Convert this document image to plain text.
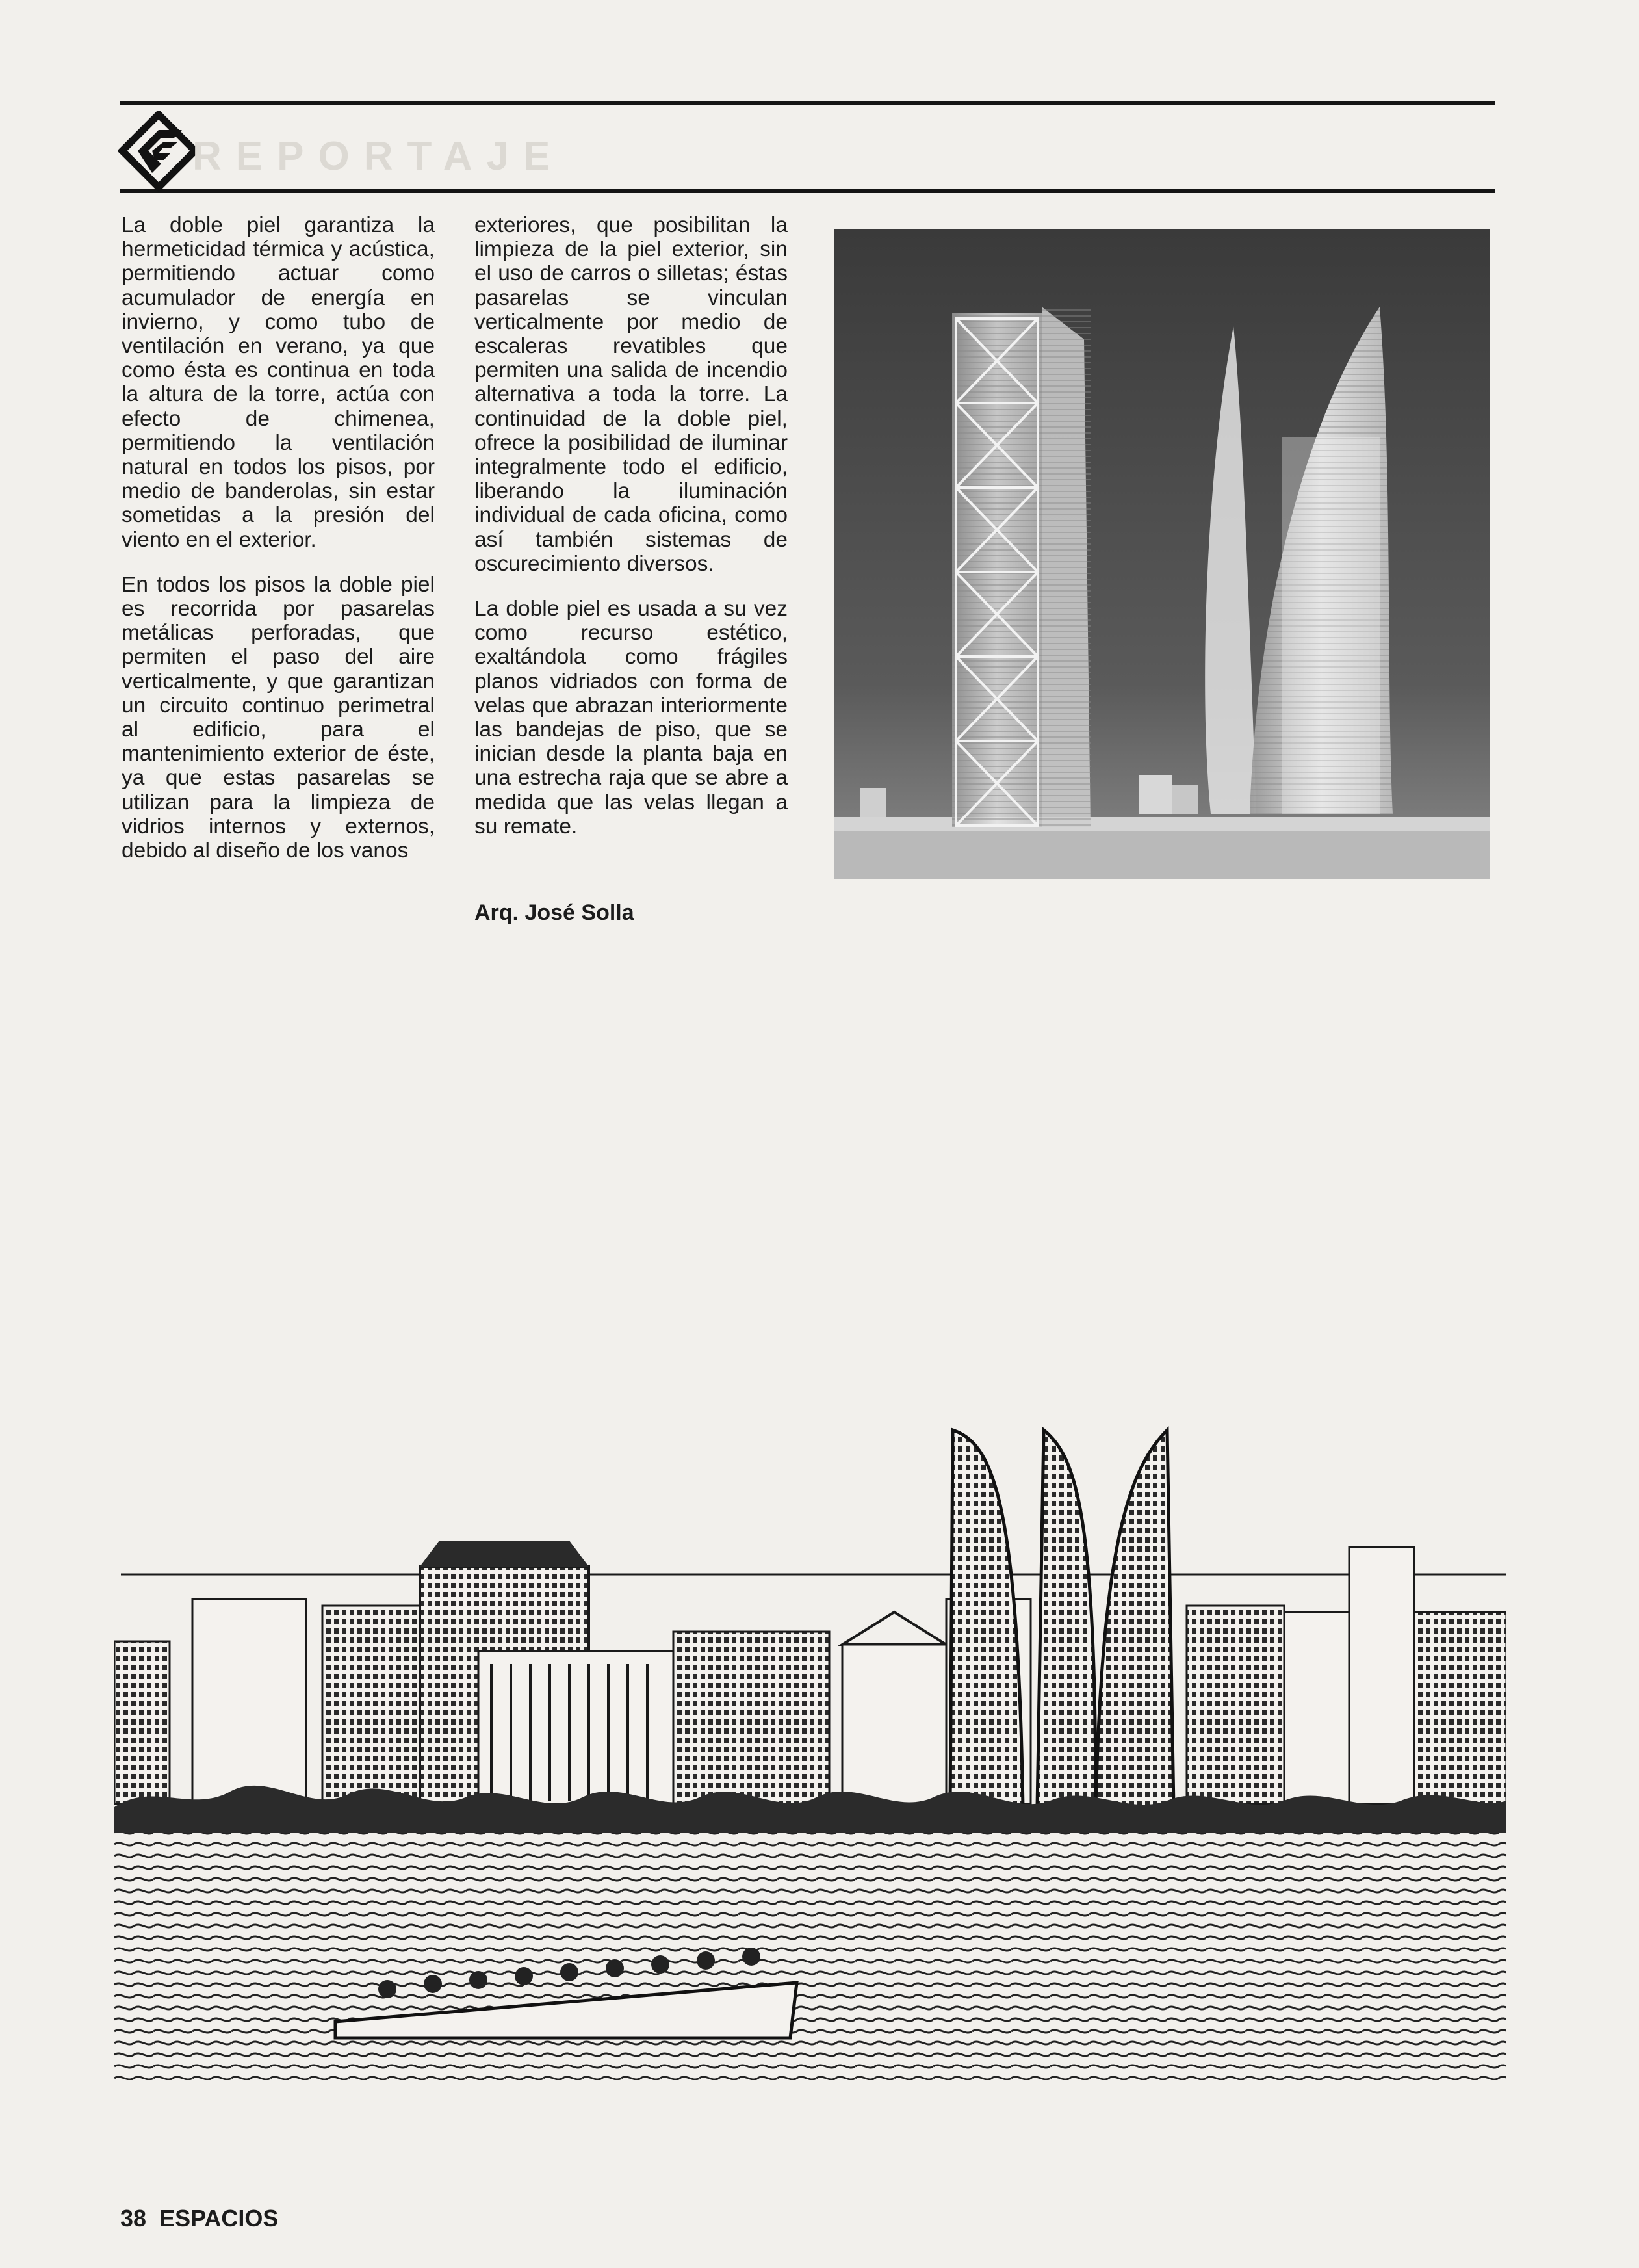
REPORTAJE

La doble piel garantiza la hermeticidad térmica y acústica, permitiendo actuar como acumulador de energía en invierno, y como tubo de ventilación en verano, ya que como ésta es continua en toda la altura de la torre, actúa con efecto de chimenea, permitiendo la ventilación natural en todos los pisos, por medio de banderolas, sin estar sometidas a la presión del viento en el exterior.

En todos los pisos la doble piel es recorrida por pasarelas metálicas perforadas, que permiten el paso del aire verticalmente, y que garantizan un circuito continuo perimetral al edificio, para el mantenimiento exterior de éste, ya que estas pasarelas se utilizan para la limpieza de vidrios internos y externos, debido al diseño de los vanos

exteriores, que posibilitan la limpieza de la piel exterior, sin el uso de carros o silletas; éstas pasarelas se vinculan verticalmente por medio de escaleras revatibles que permiten una salida de incendio alternativa a toda la torre. La continuidad de la doble piel, ofrece la posibilidad de iluminar integralmente todo el edificio, liberando la iluminación individual de cada oficina, como así también sistemas de oscurecimiento diversos.

La doble piel es usada a su vez como recurso estético, exaltándola como frágiles planos vidriados con forma de velas que abrazan interiormente las bandejas de piso, que se inician desde la planta baja en una estrecha raja que se abre a medida que las velas llegan a su remate.

Arq. José Solla

38 ESPACIOS
